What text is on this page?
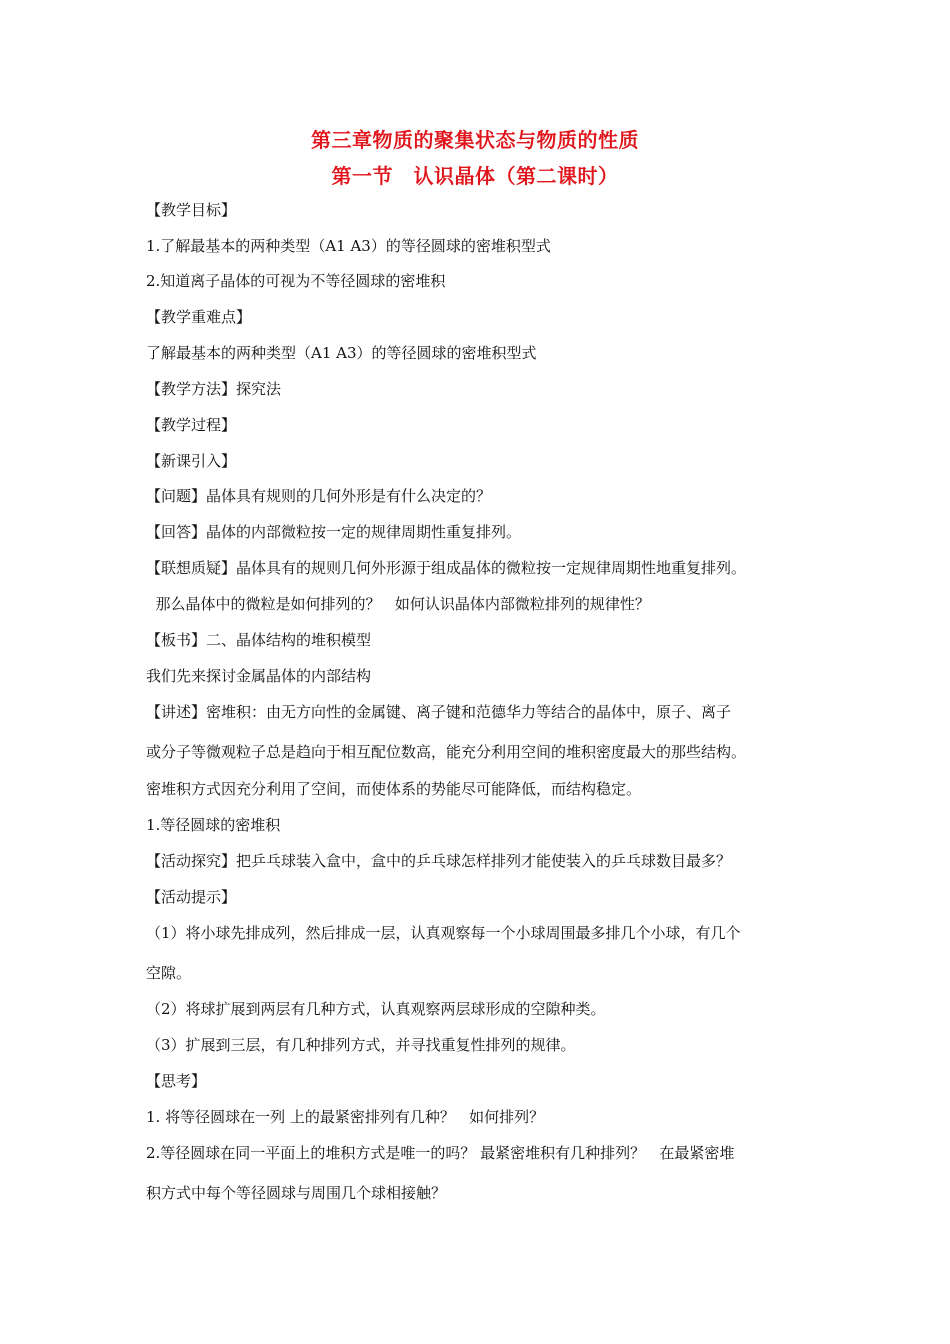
第三章物质的聚集状态与物质的性质
第一节　认识晶体（第二课时）
【教学目标】
1.了解最基本的两种类型（A1 A3）的等径圆球的密堆积型式
2.知道离子晶体的可视为不等径圆球的密堆积
【教学重难点】
了解最基本的两种类型（A1 A3）的等径圆球的密堆积型式
【教学方法】探究法
【教学过程】
【新课引入】
【问题】晶体具有规则的几何外形是有什么决定的？
【回答】晶体的内部微粒按一定的规律周期性重复排列。
【联想质疑】晶体具有的规则几何外形源于组成晶体的微粒按一定规律周期性地重复排列。
那么晶体中的微粒是如何排列的？   如何认识晶体内部微粒排列的规律性？
【板书】二、晶体结构的堆积模型
我们先来探讨金属晶体的内部结构
【讲述】密堆积：由无方向性的金属键、离子键和范德华力等结合的晶体中，原子、离子
或分子等微观粒子总是趋向于相互配位数高，能充分利用空间的堆积密度最大的那些结构。
密堆积方式因充分利用了空间，而使体系的势能尽可能降低，而结构稳定。
1.等径圆球的密堆积
【活动探究】把乒乓球装入盒中，盒中的乒乓球怎样排列才能使装入的乒乓球数目最多？
【活动提示】
（1）将小球先排成列，然后排成一层，认真观察每一个小球周围最多排几个小球，有几个
空隙。
（2）将球扩展到两层有几种方式，认真观察两层球形成的空隙种类。
（3）扩展到三层，有几种排列方式，并寻找重复性排列的规律。
【思考】
1. 将等径圆球在一列 上的最紧密排列有几种？   如何排列？
2.等径圆球在同一平面上的堆积方式是唯一的吗？ 最紧密堆积有几种排列？   在最紧密堆
积方式中每个等径圆球与周围几个球相接触？
